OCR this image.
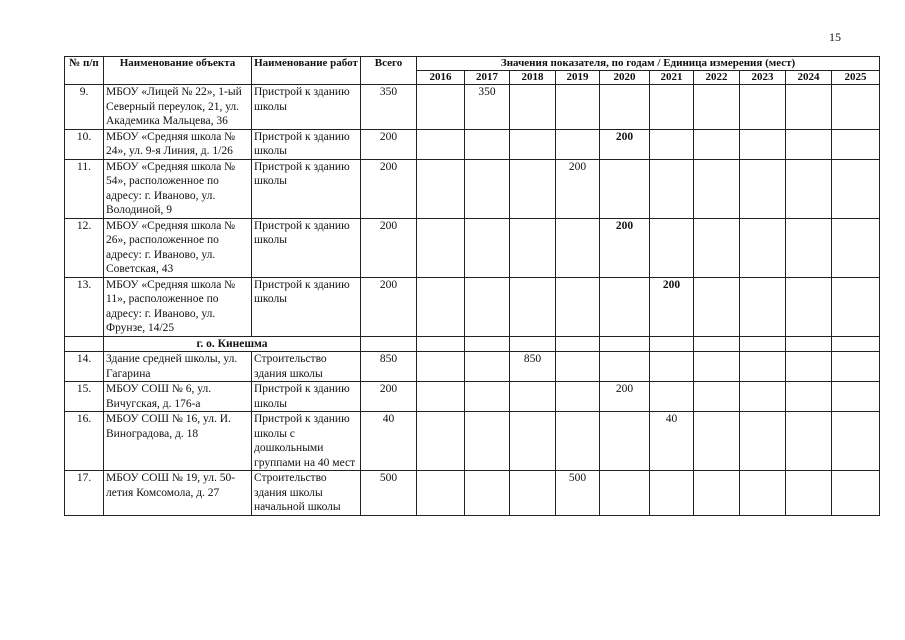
15
№ п/п	Наименование объекта	Наименование работ	Всего	Значения показателя, по годам / Единица измерения (мест)									
				2016	2017	2018	2019	2020	2021	2022	2023	2024	2025
9.	МБОУ «Лицей № 22», 1-ый Северный переулок, 21, ул. Академика Мальцева, 36	Пристрой к зданию школы	350		350								
10.	МБОУ «Средняя школа № 24», ул. 9-я Линия, д. 1/26	Пристрой к зданию школы	200					200					
11.	МБОУ «Средняя школа № 54», расположенное по адресу: г. Иваново, ул. Володиной, 9	Пристрой к зданию школы	200				200						
12.	МБОУ «Средняя школа № 26», расположенное по адресу: г. Иваново, ул. Советская, 43	Пристрой к зданию школы	200					200					
13.	МБОУ «Средняя школа № 11», расположенное по адресу: г. Иваново, ул. Фрунзе, 14/25	Пристрой к зданию школы	200						200				
	г. о. Кинешма												
14.	Здание средней школы, ул. Гагарина	Строительство здания школы	850			850							
15.	МБОУ СОШ № 6, ул. Вичугская, д. 176-а	Пристрой к зданию школы	200					200					
16.	МБОУ СОШ № 16, ул. И. Виноградова, д. 18	Пристрой к зданию школы с дошкольными группами на 40 мест	40						40				
17.	МБОУ СОШ № 19, ул. 50-летия Комсомола, д. 27	Строительство здания школы начальной школы	500				500						
